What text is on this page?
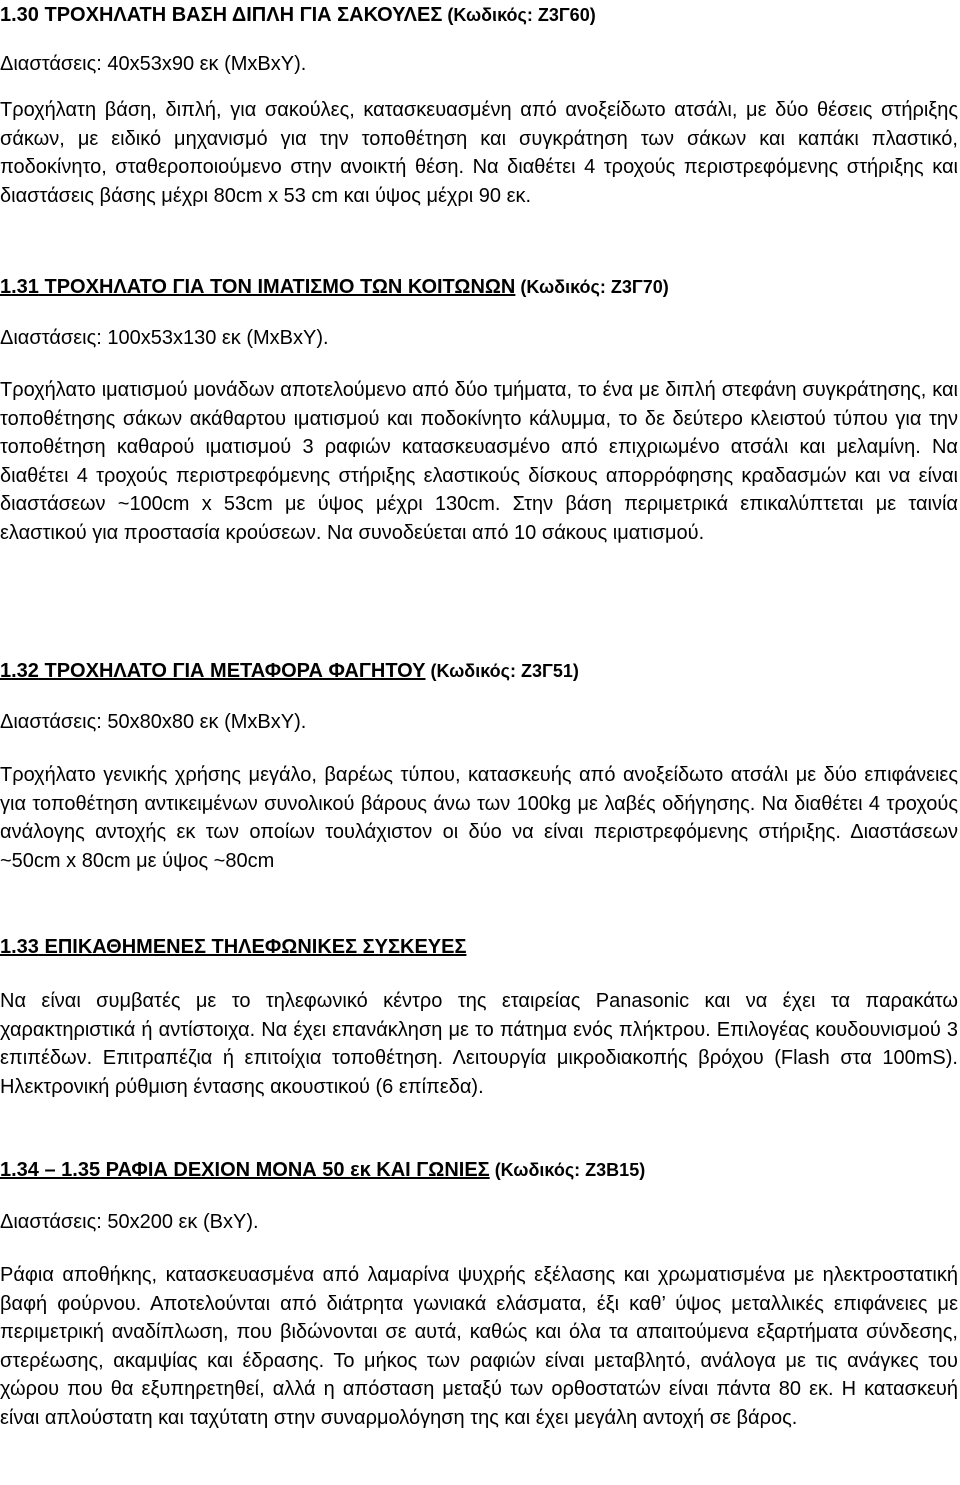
1.30 ΤΡΟΧΗΛΑΤΗ ΒΑΣΗ ΔΙΠΛΗ ΓΙΑ ΣΑΚΟΥΛΕΣ (Κωδικός: Z3Γ60)

Διαστάσεις: 40x53x90 εκ (ΜxΒxΥ).

Τροχήλατη βάση, διπλή, για σακούλες, κατασκευασμένη από ανοξείδωτο ατσάλι, με δύο θέσεις στήριξης σάκων, με ειδικό μηχανισμό για την τοποθέτηση και συγκράτηση των σάκων και καπάκι πλαστικό, ποδοκίνητο, σταθεροποιούμενο στην ανοικτή θέση. Να διαθέτει 4 τροχούς περιστρεφόμενης στήριξης και διαστάσεις βάσης μέχρι 80cm x 53 cm και ύψος μέχρι 90 εκ.

1.31 ΤΡΟΧΗΛΑΤΟ ΓΙΑ ΤΟΝ ΙΜΑΤΙΣΜΟ ΤΩΝ ΚΟΙΤΩΝΩΝ (Κωδικός: Z3Γ70)

Διαστάσεις: 100x53x130 εκ (ΜxΒxΥ).

Τροχήλατο ιματισμού μονάδων αποτελούμενο από δύο τμήματα, το ένα με διπλή στεφάνη συγκράτησης, και τοποθέτησης σάκων ακάθαρτου ιματισμού και ποδοκίνητο κάλυμμα, το δε δεύτερο κλειστού τύπου για την τοποθέτηση καθαρού ιματισμού 3 ραφιών κατασκευασμένο από επιχριωμένο ατσάλι και μελαμίνη. Να διαθέτει 4 τροχούς περιστρεφόμενης στήριξης ελαστικούς δίσκους απορρόφησης κραδασμών και να είναι διαστάσεων ~100cm x 53cm με ύψος μέχρι 130cm. Στην βάση περιμετρικά επικαλύπτεται με ταινία ελαστικού για προστασία κρούσεων. Να συνοδεύεται από 10 σάκους ιματισμού.

1.32 ΤΡΟΧΗΛΑΤΟ ΓΙΑ ΜΕΤΑΦΟΡΑ ΦΑΓΗΤΟΥ (Κωδικός: Z3Γ51)

Διαστάσεις: 50x80x80 εκ (ΜxΒxΥ).

Τροχήλατο γενικής χρήσης μεγάλο, βαρέως τύπου, κατασκευής από ανοξείδωτο ατσάλι με δύο επιφάνειες για τοποθέτηση αντικειμένων συνολικού βάρους άνω των 100kg με λαβές οδήγησης. Να διαθέτει 4 τροχούς ανάλογης αντοχής εκ των οποίων τουλάχιστον οι δύο να είναι περιστρεφόμενης στήριξης. Διαστάσεων ~50cm x 80cm με ύψος ~80cm

1.33 ΕΠΙΚΑΘΗΜΕΝΕΣ ΤΗΛΕΦΩΝΙΚΕΣ ΣΥΣΚΕΥΕΣ

Να είναι συμβατές με το τηλεφωνικό κέντρο της εταιρείας Panasonic και να έχει τα παρακάτω χαρακτηριστικά ή αντίστοιχα. Να έχει επανάκληση με το πάτημα ενός πλήκτρου. Επιλογέας κουδουνισμού 3 επιπέδων. Επιτραπέζια ή επιτοίχια τοποθέτηση. Λειτουργία μικροδιακοπής βρόχου (Flash στα 100mS). Ηλεκτρονική ρύθμιση έντασης ακουστικού (6 επίπεδα).

1.34 – 1.35 ΡΑΦΙΑ DEXION ΜΟΝΑ 50 εκ ΚΑΙ ΓΩΝΙΕΣ (Κωδικός: Z3B15)

Διαστάσεις: 50x200 εκ (ΒxΥ).

Ράφια αποθήκης, κατασκευασμένα από λαμαρίνα ψυχρής εξέλασης και χρωματισμένα με ηλεκτροστατική βαφή φούρνου. Αποτελούνται από διάτρητα γωνιακά ελάσματα, έξι καθ’ ύψος μεταλλικές επιφάνειες με περιμετρική αναδίπλωση, που βιδώνονται σε αυτά, καθώς και όλα τα απαιτούμενα εξαρτήματα σύνδεσης, στερέωσης, ακαμψίας και έδρασης. Το μήκος των ραφιών είναι μεταβλητό, ανάλογα με τις ανάγκες του χώρου που θα εξυπηρετηθεί, αλλά η απόσταση μεταξύ των ορθοστατών είναι πάντα 80 εκ. Η κατασκευή είναι απλούστατη και ταχύτατη στην συναρμολόγηση της και έχει μεγάλη αντοχή σε βάρος.
